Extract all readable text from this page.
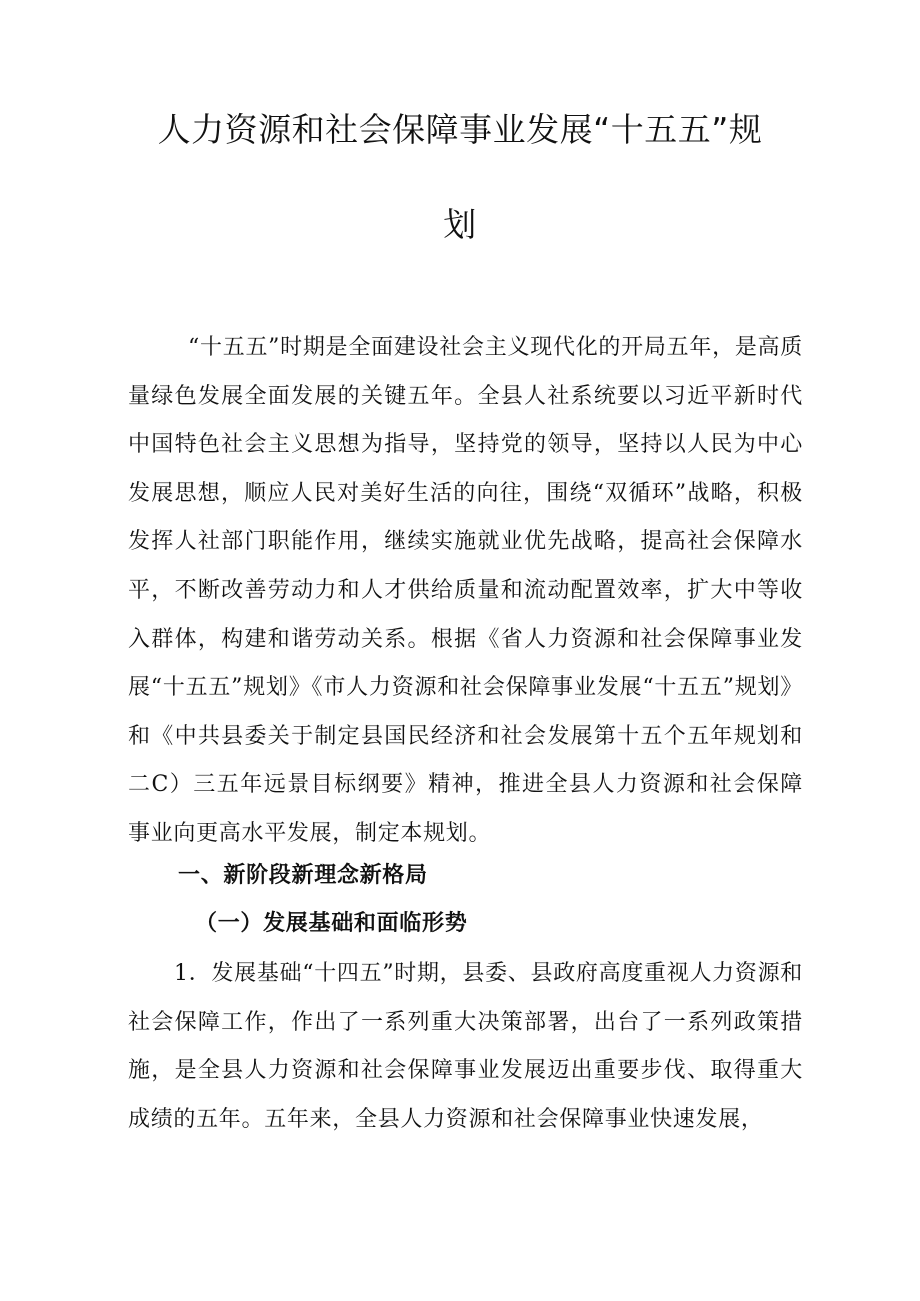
人力资源和社会保障事业发展“十五五”规
划

“十五五”时期是全面建设社会主义现代化的开局五年，是高质量绿色发展全面发展的关键五年。全县人社系统要以习近平新时代中国特色社会主义思想为指导，坚持党的领导，坚持以人民为中心发展思想，顺应人民对美好生活的向往，围绕“双循环”战略，积极发挥人社部门职能作用，继续实施就业优先战略，提高社会保障水平，不断改善劳动力和人才供给质量和流动配置效率，扩大中等收入群体，构建和谐劳动关系。根据《省人力资源和社会保障事业发展“十五五”规划》《市人力资源和社会保障事业发展“十五五”规划》和《中共县委关于制定县国民经济和社会发展第十五个五年规划和二C）三五年远景目标纲要》精神，推进全县人力资源和社会保障事业向更高水平发展，制定本规划。

一、新阶段新理念新格局
（一）发展基础和面临形势

1．发展基础“十四五”时期，县委、县政府高度重视人力资源和社会保障工作，作出了一系列重大决策部署，出台了一系列政策措施，是全县人力资源和社会保障事业发展迈出重要步伐、取得重大成绩的五年。五年来，全县人力资源和社会保障事业快速发展，
